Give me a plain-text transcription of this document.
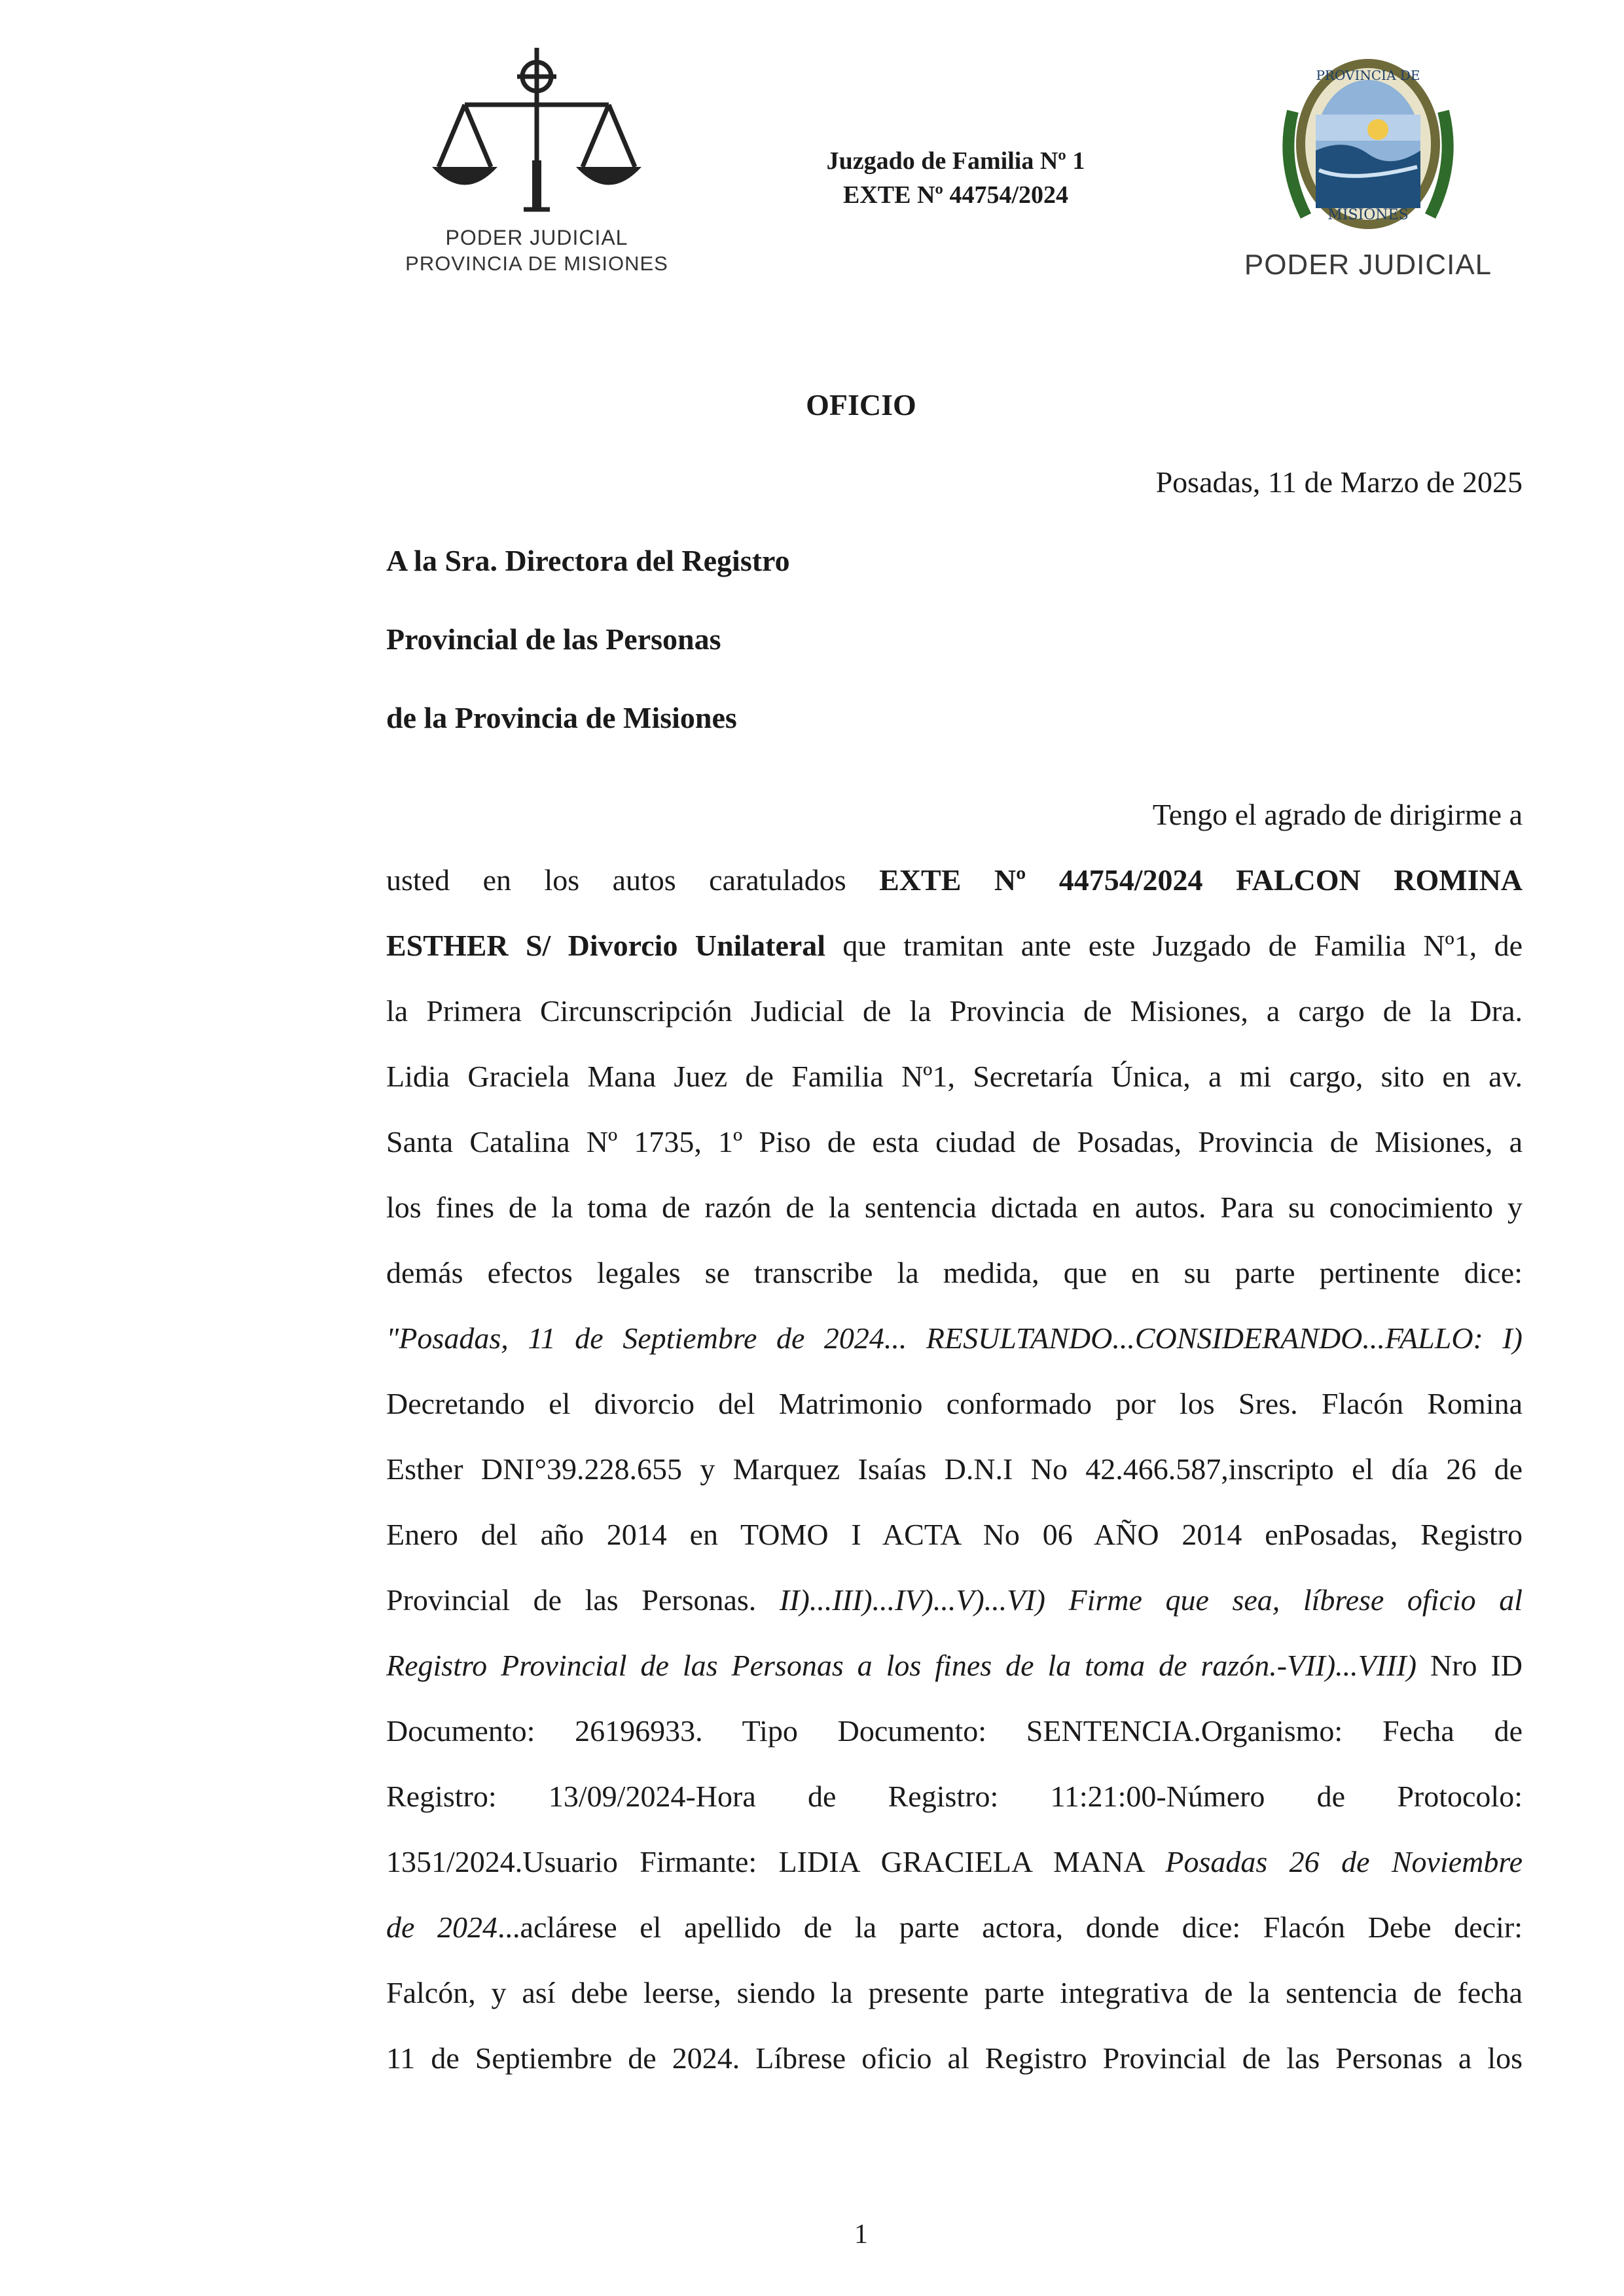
PODER JUDICIAL
PROVINCIA DE MISIONES
Juzgado de Familia Nº 1
EXTE Nº 44754/2024
PROVINCIA DE
MISIONES
PODER JUDICIAL
OFICIO
Posadas, 11 de Marzo de 2025
A la Sra. Directora del Registro
Provincial de las Personas
de la Provincia de Misiones
Tengo el agrado de dirigirme a
usted en los autos caratulados EXTE Nº 44754/2024 FALCON ROMINA
ESTHER S/ Divorcio Unilateral que tramitan ante este Juzgado de Familia Nº1, de
la Primera Circunscripción Judicial de la Provincia de Misiones, a cargo de la Dra.
Lidia Graciela Mana Juez de Familia Nº1, Secretaría Única, a mi cargo, sito en av.
Santa Catalina Nº 1735, 1º Piso de esta ciudad de Posadas, Provincia de Misiones, a
los fines de la toma de razón de la sentencia dictada en autos. Para su conocimiento y
demás efectos legales se transcribe la medida, que en su parte pertinente dice:
"Posadas, 11 de Septiembre de 2024... RESULTANDO...CONSIDERANDO...FALLO: I)
Decretando el divorcio del Matrimonio conformado por los Sres. Flacón Romina
Esther DNI°39.228.655 y Marquez Isaías D.N.I No 42.466.587,inscripto el día 26 de
Enero del año 2014 en TOMO I ACTA No 06 AÑO 2014 enPosadas, Registro
Provincial de las Personas. II)...III)...IV)...V)...VI) Firme que sea, líbrese oficio al
Registro Provincial de las Personas a los fines de la toma de razón.-VII)...VIII) Nro ID
Documento: 26196933. Tipo Documento: SENTENCIA.Organismo: Fecha de
Registro: 13/09/2024-Hora de Registro: 11:21:00-Número de Protocolo:
1351/2024.Usuario Firmante: LIDIA GRACIELA MANA Posadas 26 de Noviembre
de 2024...aclárese el apellido de la parte actora, donde dice: Flacón Debe decir:
Falcón, y así debe leerse, siendo la presente parte integrativa de la sentencia de fecha
11 de Septiembre de 2024. Líbrese oficio al Registro Provincial de las Personas a los
1
